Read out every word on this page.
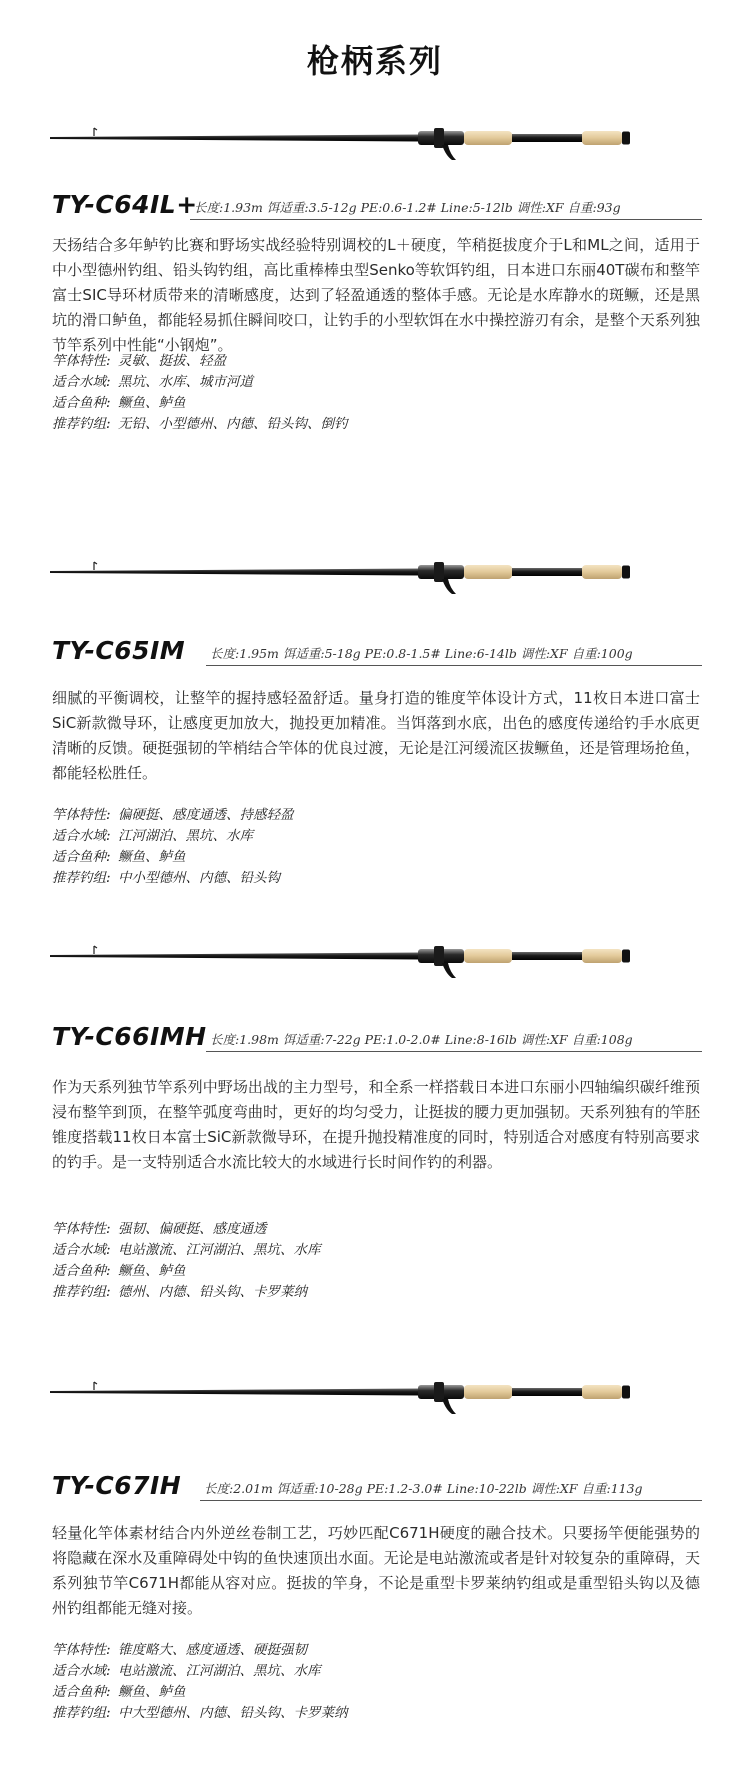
枪柄系列
TY-C64IL+
长度:1.93m 饵适重:3.5-12g PE:0.6-1.2# Line:5-12lb 调性:XF 自重:93g

天扬结合多年鲈钓比赛和野场实战经验特别调校的L＋硬度，竿稍挺拔度介于L和ML之间，适用于中小型德州钓组、铅头钩钓组，高比重棒棒虫型Senko等软饵钓组，日本进口东丽40T碳布和整竿富士SIC导环材质带来的清晰感度，达到了轻盈通透的整体手感。无论是水库静水的斑鳜，还是黑坑的滑口鲈鱼，都能轻易抓住瞬间咬口，让钓手的小型软饵在水中操控游刃有余，是整个天系列独节竿系列中性能“小钢炮”。

竿体特性: 灵敏、挺拔、轻盈
适合水域: 黑坑、水库、城市河道
适合鱼种: 鳜鱼、鲈鱼
推荐钓组: 无铅、小型德州、内德、铅头钩、倒钓
TY-C65IM 长度:1.95m 饵适重:5-18g PE:0.8-1.5# Line:6-14lb 调性:XF 自重:100g

细腻的平衡调校，让整竿的握持感轻盈舒适。量身打造的锥度竿体设计方式，11枚日本进口富士SiC新款微导环，让感度更加放大，抛投更加精准。当饵落到水底，出色的感度传递给钓手水底更清晰的反馈。硬挺强韧的竿梢结合竿体的优良过渡，无论是江河缓流区拔鳜鱼，还是管理场抢鱼，都能轻松胜任。

竿体特性: 偏硬挺、感度通透、持感轻盈
适合水域: 江河湖泊、黑坑、水库
适合鱼种: 鳜鱼、鲈鱼
推荐钓组: 中小型德州、内德、铅头钩
TY-C66IMH 长度:1.98m 饵适重:7-22g PE:1.0-2.0# Line:8-16lb 调性:XF 自重:108g

作为天系列独节竿系列中野场出战的主力型号，和全系一样搭载日本进口东丽小四轴编织碳纤维预浸布整竿到顶，在整竿弧度弯曲时，更好的均匀受力，让挺拔的腰力更加强韧。天系列独有的竿胚锥度搭载11枚日本富士SiC新款微导环，在提升抛投精准度的同时，特别适合对感度有特别高要求的钓手。是一支特别适合水流比较大的水域进行长时间作钓的利器。

竿体特性: 强韧、偏硬挺、感度通透
适合水域: 电站激流、江河湖泊、黑坑、水库
适合鱼种: 鳜鱼、鲈鱼
推荐钓组: 德州、内德、铅头钩、卡罗莱纳
TY-C67IH 长度:2.01m 饵适重:10-28g PE:1.2-3.0# Line:10-22lb 调性:XF 自重:113g

轻量化竿体素材结合内外逆丝卷制工艺，巧妙匹配C671H硬度的融合技术。只要扬竿便能强势的将隐藏在深水及重障碍处中钩的鱼快速顶出水面。无论是电站激流或者是针对较复杂的重障碍，天系列独节竿C671H都能从容对应。挺拔的竿身，不论是重型卡罗莱纳钓组或是重型铅头钩以及德州钓组都能无缝对接。

竿体特性: 锥度略大、感度通透、硬挺强韧
适合水域: 电站激流、江河湖泊、黑坑、水库
适合鱼种: 鳜鱼、鲈鱼
推荐钓组: 中大型德州、内德、铅头钩、卡罗莱纳
